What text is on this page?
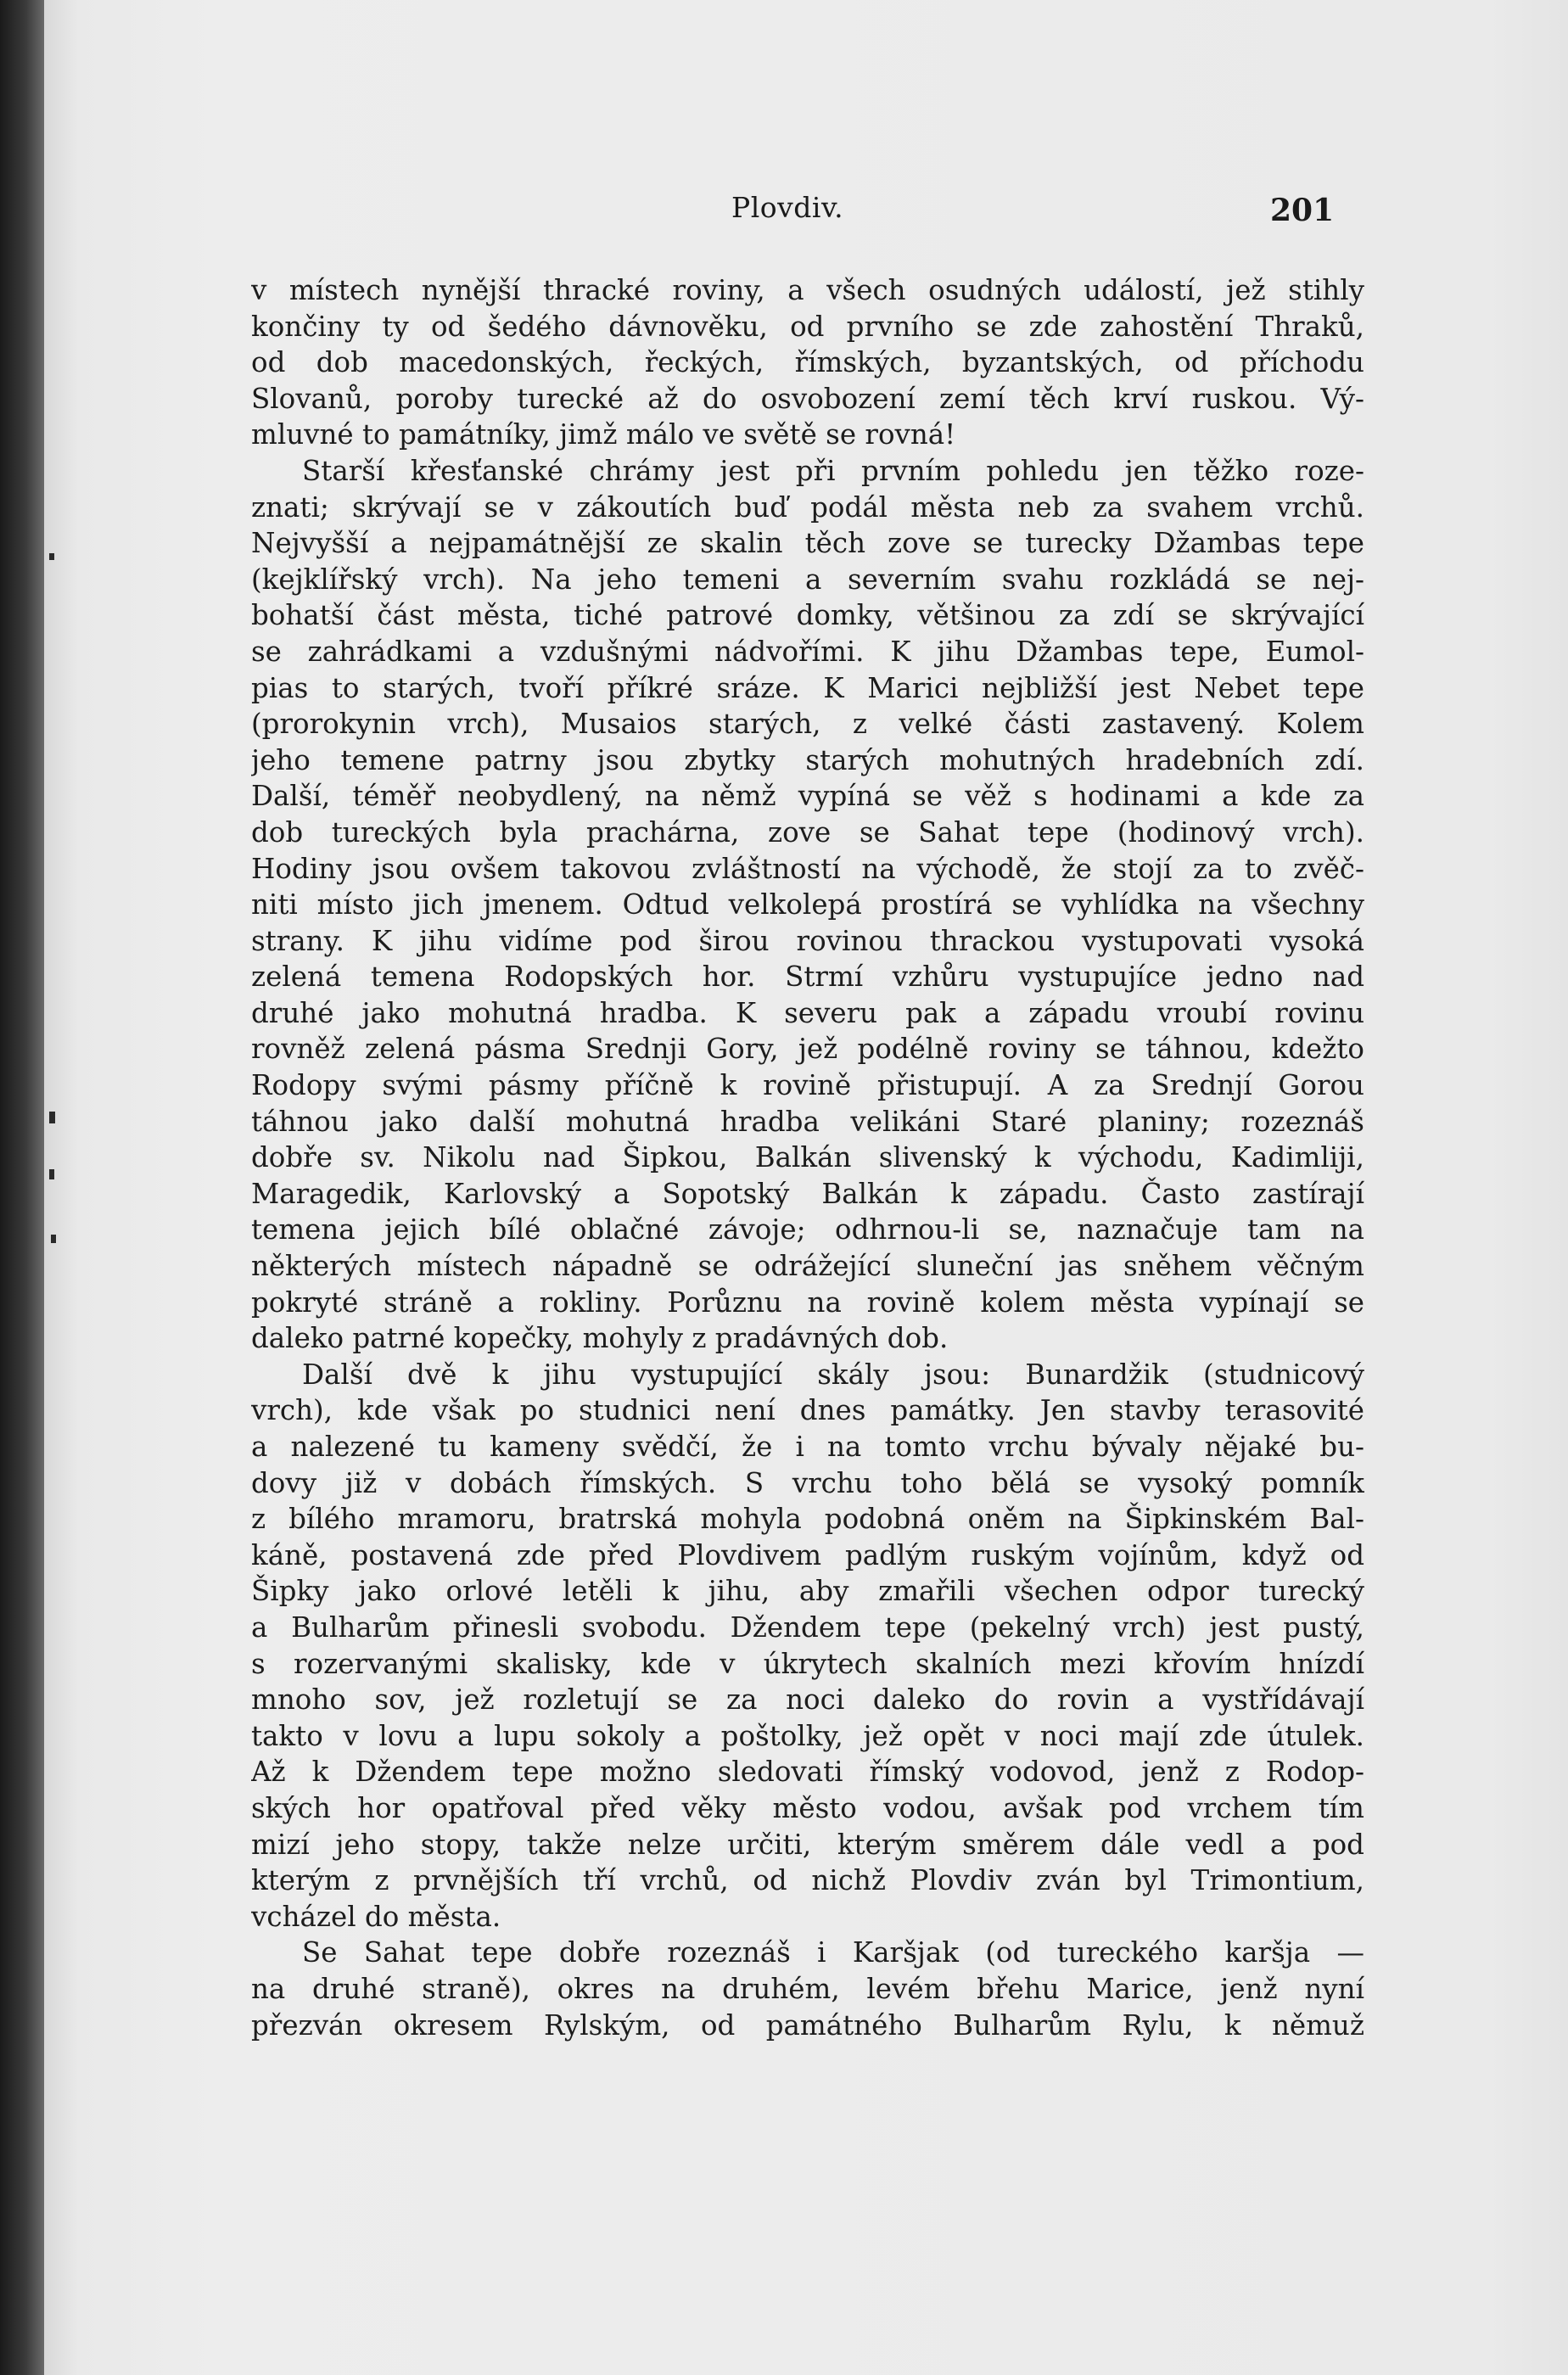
Plovdiv.	201
v místech nynější thracké roviny, a všech osudných událostí, jež stihly
končiny ty od šedého dávnověku, od prvního se zde zahostění Thraků,
od dob macedonských, řeckých, římských, byzantských, od příchodu
Slovanů, poroby turecké až do osvobození zemí těch krví ruskou. Vý-
mluvné to památníky, jimž málo ve světě se rovná!
Starší křesťanské chrámy jest při prvním pohledu jen těžko roze-
znati; skrývají se v zákoutích buď podál města neb za svahem vrchů.
Nejvyšší a nejpamátnější ze skalin těch zove se turecky Džambas tepe
(kejklířský vrch). Na jeho temeni a severním svahu rozkládá se nej-
bohatší část města, tiché patrové domky, většinou za zdí se skrývající
se zahrádkami a vzdušnými nádvořími. K jihu Džambas tepe, Eumol-
pias to starých, tvoří příkré sráze. K Marici nejbližší jest Nebet tepe
(prorokynin vrch), Musaios starých, z velké části zastavený. Kolem
jeho temene patrny jsou zbytky starých mohutných hradebních zdí.
Další, téměř neobydlený, na němž vypíná se věž s hodinami a kde za
dob tureckých byla prachárna, zove se Sahat tepe (hodinový vrch).
Hodiny jsou ovšem takovou zvláštností na východě, že stojí za to zvěč-
niti místo jich jmenem. Odtud velkolepá prostírá se vyhlídka na všechny
strany. K jihu vidíme pod širou rovinou thrackou vystupovati vysoká
zelená temena Rodopských hor. Strmí vzhůru vystupujíce jedno nad
druhé jako mohutná hradba. K severu pak a západu vroubí rovinu
rovněž zelená pásma Srednji Gory, jež podélně roviny se táhnou, kdežto
Rodopy svými pásmy příčně k rovině přistupují. A za Srednjí Gorou
táhnou jako další mohutná hradba velikáni Staré planiny; rozeznáš
dobře sv. Nikolu nad Šipkou, Balkán slivenský k východu, Kadimliji,
Maragedik, Karlovský a Sopotský Balkán k západu. Často zastírají
temena jejich bílé oblačné závoje; odhrnou-li se, naznačuje tam na
některých místech nápadně se odrážející sluneční jas sněhem věčným
pokryté stráně a rokliny. Porůznu na rovině kolem města vypínají se
daleko patrné kopečky, mohyly z pradávných dob.
Další dvě k jihu vystupující skály jsou: Bunardžik (studnicový
vrch), kde však po studnici není dnes památky. Jen stavby terasovité
a nalezené tu kameny svědčí, že i na tomto vrchu bývaly nějaké bu-
dovy již v dobách římských. S vrchu toho bělá se vysoký pomník
z bílého mramoru, bratrská mohyla podobná oněm na Šipkinském Bal-
káně, postavená zde před Plovdivem padlým ruským vojínům, když od
Šipky jako orlové letěli k jihu, aby zmařili všechen odpor turecký
a Bulharům přinesli svobodu. Džendem tepe (pekelný vrch) jest pustý,
s rozervanými skalisky, kde v úkrytech skalních mezi křovím hnízdí
mnoho sov, jež rozletují se za noci daleko do rovin a vystřídávají
takto v lovu a lupu sokoly a poštolky, jež opět v noci mají zde útulek.
Až k Džendem tepe možno sledovati římský vodovod, jenž z Rodop-
ských hor opatřoval před věky město vodou, avšak pod vrchem tím
mizí jeho stopy, takže nelze určiti, kterým směrem dále vedl a pod
kterým z prvnějších tří vrchů, od nichž Plovdiv zván byl Trimontium,
vcházel do města.
Se Sahat tepe dobře rozeznáš i Karšjak (od tureckého karšja —
na druhé straně), okres na druhém, levém břehu Marice, jenž nyní
přezván okresem Rylským, od památného Bulharům Rylu, k němuž
